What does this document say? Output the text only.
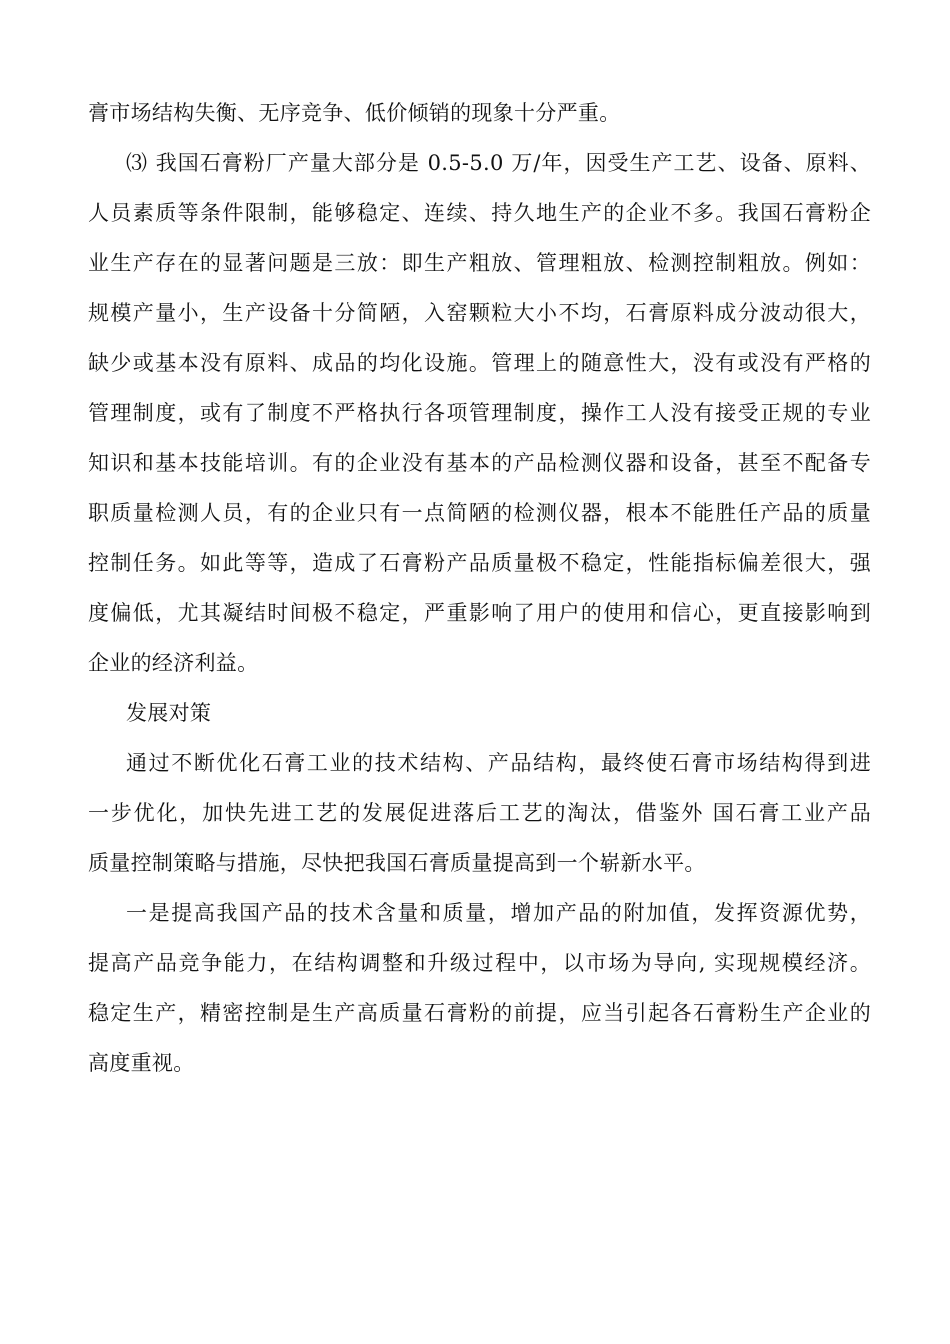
膏市场结构失衡、无序竞争、低价倾销的现象十分严重。
⑶ 我国石膏粉厂产量大部分是 0.5-5.0 万/年，因受生产工艺、设备、原料、
人员素质等条件限制，能够稳定、连续、持久地生产的企业不多。我国石膏粉企
业生产存在的显著问题是三放：即生产粗放、管理粗放、检测控制粗放。例如：
规模产量小，生产设备十分简陋，入窑颗粒大小不均，石膏原料成分波动很大，
缺少或基本没有原料、成品的均化设施。管理上的随意性大，没有或没有严格的
管理制度，或有了制度不严格执行各项管理制度，操作工人没有接受正规的专业
知识和基本技能培训。有的企业没有基本的产品检测仪器和设备，甚至不配备专
职质量检测人员，有的企业只有一点简陋的检测仪器，根本不能胜任产品的质量
控制任务。如此等等，造成了石膏粉产品质量极不稳定，性能指标偏差很大，强
度偏低，尤其凝结时间极不稳定，严重影响了用户的使用和信心，更直接影响到
企业的经济利益。
发展对策
通过不断优化石膏工业的技术结构、产品结构，最终使石膏市场结构得到进
一步优化，加快先进工艺的发展促进落后工艺的淘汰，借鉴外 国石膏工业产品
质量控制策略与措施，尽快把我国石膏质量提高到一个崭新水平。
一是提高我国产品的技术含量和质量，增加产品的附加值，发挥资源优势，
提高产品竞争能力，在结构调整和升级过程中，以市场为导向, 实现规模经济。
稳定生产，精密控制是生产高质量石膏粉的前提，应当引起各石膏粉生产企业的
高度重视。
